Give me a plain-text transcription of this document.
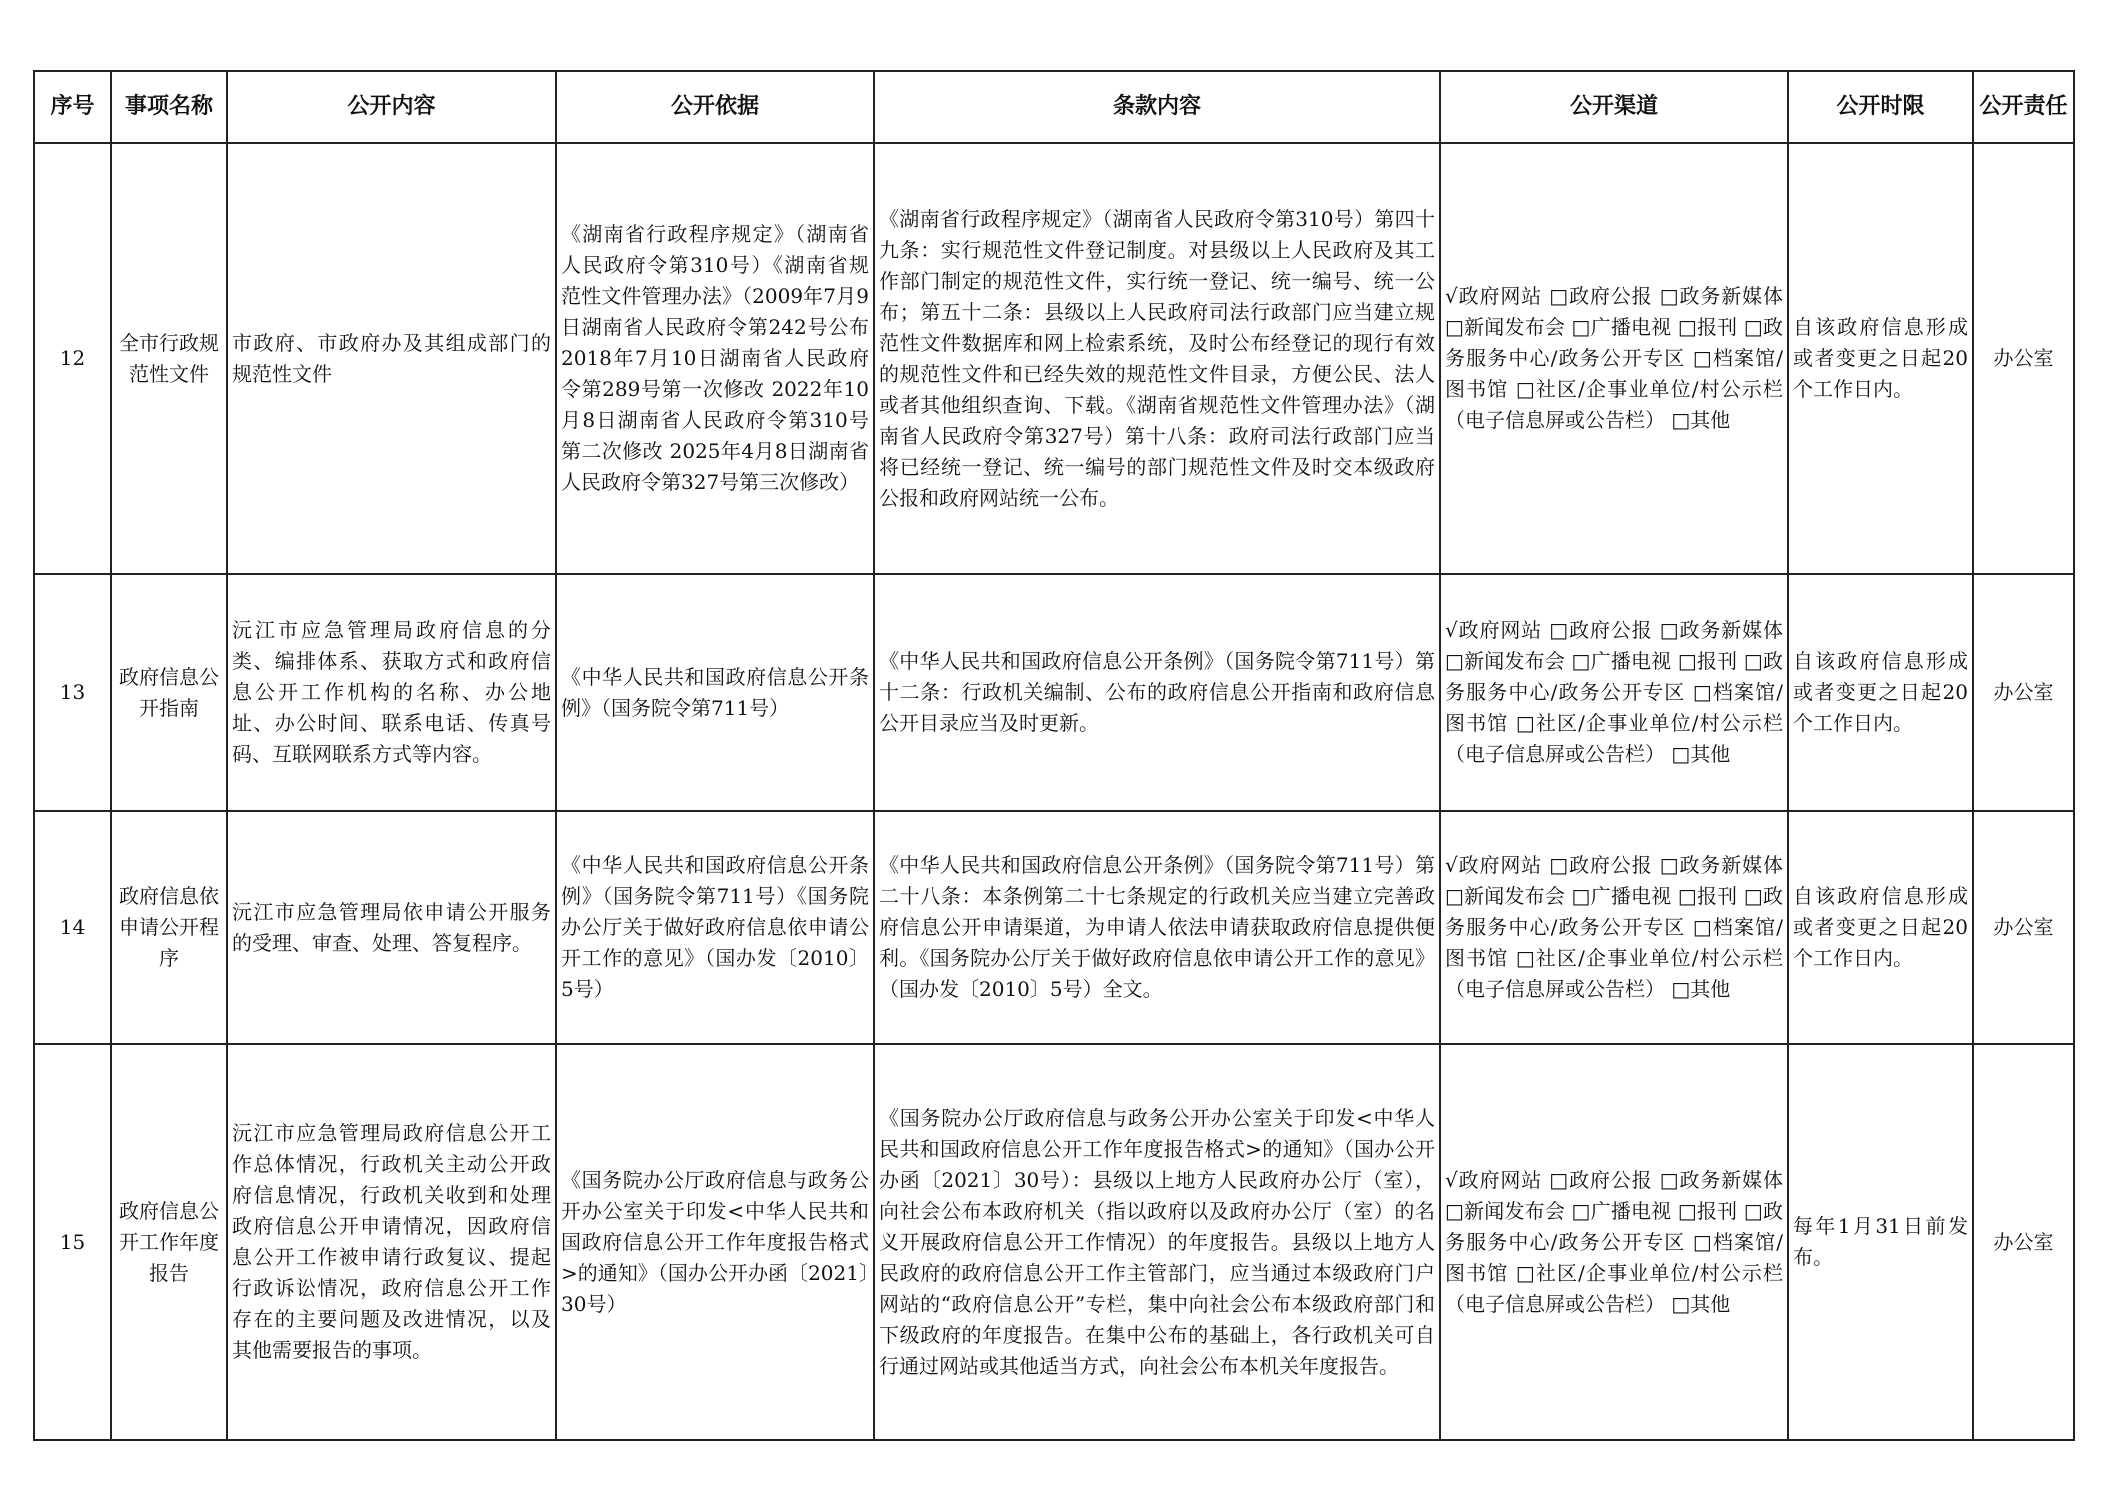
序号	事项名称	公开内容	公开依据	条款内容	公开渠道	公开时限	公开责任
12	全市行政规范性文件	市政府、市政府办及其组成部门的规范性文件	《湖南省行政程序规定》（湖南省人民政府令第310号）《湖南省规范性文件管理办法》（2009年7月9日湖南省人民政府令第242号公布 2018年7月10日湖南省人民政府令第289号第一次修改 2022年10月8日湖南省人民政府令第310号第二次修改 2025年4月8日湖南省人民政府令第327号第三次修改）	《湖南省行政程序规定》（湖南省人民政府令第310号）第四十九条：实行规范性文件登记制度。对县级以上人民政府及其工作部门制定的规范性文件，实行统一登记、统一编号、统一公布；第五十二条：县级以上人民政府司法行政部门应当建立规范性文件数据库和网上检索系统，及时公布经登记的现行有效的规范性文件和已经失效的规范性文件目录，方便公民、法人或者其他组织查询、下载。《湖南省规范性文件管理办法》（湖南省人民政府令第327号）第十八条：政府司法行政部门应当将已经统一登记、统一编号的部门规范性文件及时交本级政府公报和政府网站统一公布。	√政府网站 □政府公报 □政务新媒体 □新闻发布会 □广播电视 □报刊 □政务服务中心/政务公开专区 □档案馆/图书馆 □社区/企事业单位/村公示栏（电子信息屏或公告栏） □其他	自该政府信息形成或者变更之日起20个工作日内。	办公室
13	政府信息公开指南	沅江市应急管理局政府信息的分类、编排体系、获取方式和政府信息公开工作机构的名称、办公地址、办公时间、联系电话、传真号码、互联网联系方式等内容。	《中华人民共和国政府信息公开条例》（国务院令第711号）	《中华人民共和国政府信息公开条例》（国务院令第711号）第十二条：行政机关编制、公布的政府信息公开指南和政府信息公开目录应当及时更新。	√政府网站 □政府公报 □政务新媒体 □新闻发布会 □广播电视 □报刊 □政务服务中心/政务公开专区 □档案馆/图书馆 □社区/企事业单位/村公示栏（电子信息屏或公告栏） □其他	自该政府信息形成或者变更之日起20个工作日内。	办公室
14	政府信息依申请公开程序	沅江市应急管理局依申请公开服务的受理、审查、处理、答复程序。	《中华人民共和国政府信息公开条例》（国务院令第711号）《国务院办公厅关于做好政府信息依申请公开工作的意见》（国办发〔2010〕5号）	《中华人民共和国政府信息公开条例》（国务院令第711号）第二十八条：本条例第二十七条规定的行政机关应当建立完善政府信息公开申请渠道，为申请人依法申请获取政府信息提供便利。《国务院办公厅关于做好政府信息依申请公开工作的意见》（国办发〔2010〕5号）全文。	√政府网站 □政府公报 □政务新媒体 □新闻发布会 □广播电视 □报刊 □政务服务中心/政务公开专区 □档案馆/图书馆 □社区/企事业单位/村公示栏（电子信息屏或公告栏） □其他	自该政府信息形成或者变更之日起20个工作日内。	办公室
15	政府信息公开工作年度报告	沅江市应急管理局政府信息公开工作总体情况，行政机关主动公开政府信息情况，行政机关收到和处理政府信息公开申请情况，因政府信息公开工作被申请行政复议、提起行政诉讼情况，政府信息公开工作存在的主要问题及改进情况，以及其他需要报告的事项。	《国务院办公厅政府信息与政务公开办公室关于印发<中华人民共和国政府信息公开工作年度报告格式>的通知》（国办公开办函〔2021〕30号）	《国务院办公厅政府信息与政务公开办公室关于印发<中华人民共和国政府信息公开工作年度报告格式>的通知》（国办公开办函〔2021〕30号）：县级以上地方人民政府办公厅（室），向社会公布本政府机关（指以政府以及政府办公厅（室）的名义开展政府信息公开工作情况）的年度报告。县级以上地方人民政府的政府信息公开工作主管部门，应当通过本级政府门户网站的“政府信息公开”专栏，集中向社会公布本级政府部门和下级政府的年度报告。在集中公布的基础上，各行政机关可自行通过网站或其他适当方式，向社会公布本机关年度报告。	√政府网站 □政府公报 □政务新媒体 □新闻发布会 □广播电视 □报刊 □政务服务中心/政务公开专区 □档案馆/图书馆 □社区/企事业单位/村公示栏（电子信息屏或公告栏） □其他	每年1月31日前发布。	办公室
